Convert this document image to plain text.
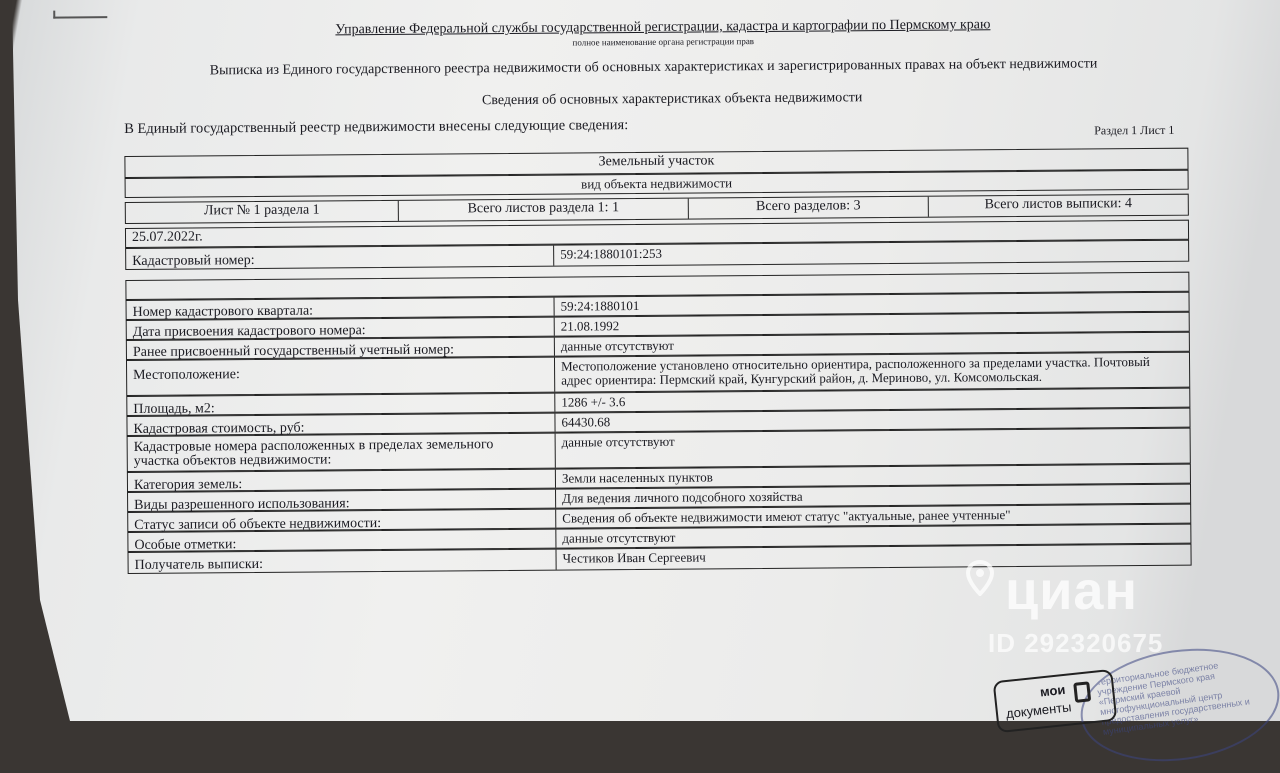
Управление Федеральной службы государственной регистрации, кадастра и картографии по Пермскому краю
полное наименование органа регистрации прав
Выписка из Единого государственного реестра недвижимости об основных характеристиках и зарегистрированных правах на объект недвижимости
Сведения об основных характеристиках объекта недвижимости
В Единый государственный реестр недвижимости внесены следующие сведения:	Раздел 1 Лист 1
Земельный участок
вид объекта недвижимости
Лист № 1 раздела 1	Всего листов раздела 1: 1	Всего разделов: 3	Всего листов выписки: 4
25.07.2022г.
Кадастровый номер:	59:24:1880101:253
Номер кадастрового квартала:	59:24:1880101
Дата присвоения кадастрового номера:	21.08.1992
Ранее присвоенный государственный учетный номер:	данные отсутствуют
Местоположение:
Местоположение установлено относительно ориентира, расположенного за пределами участка. Почтовый
адрес ориентира: Пермский край, Кунгурский район, д. Мериново, ул. Комсомольская.
Площадь, м2:	1286 +/- 3.6
Кадастровая стоимость, руб:	64430.68
Кадастровые номера расположенных в пределах земельного
участка объектов недвижимости:
данные отсутствуют
Категория земель:	Земли населенных пунктов
Виды разрешенного использования:	Для ведения личного подсобного хозяйства
Статус записи об объекте недвижимости:	Сведения об объекте недвижимости имеют статус "актуальные, ранее учтенные"
Особые отметки:	данные отсутствуют
Получатель выписки:	Честиков Иван Сергеевич
циан
ID 292320675
Территориальное бюджетное учреждение Пермского края «Пермский краевой многофункциональный центр предоставления государственных и муниципальных услуг»
мои
документы
